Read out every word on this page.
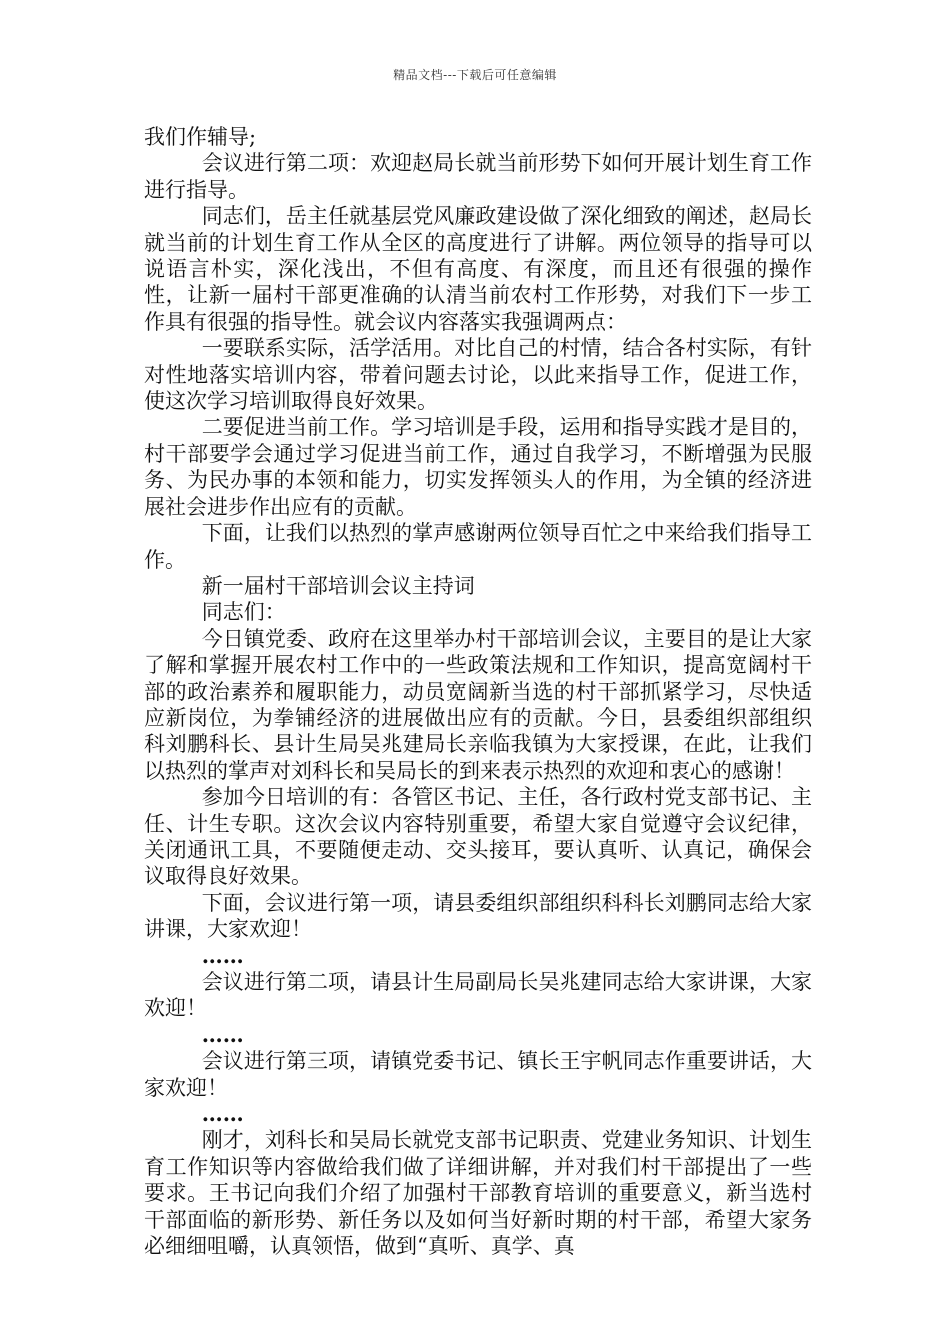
精品文档---下载后可任意编辑

我们作辅导;

会议进行第二项：欢迎赵局长就当前形势下如何开展计划生育工作进行指导。

同志们，岳主任就基层党风廉政建设做了深化细致的阐述，赵局长就当前的计划生育工作从全区的高度进行了讲解。两位领导的指导可以说语言朴实，深化浅出，不但有高度、有深度，而且还有很强的操作性，让新一届村干部更准确的认清当前农村工作形势，对我们下一步工作具有很强的指导性。就会议内容落实我强调两点：

一要联系实际，活学活用。对比自己的村情，结合各村实际，有针对性地落实培训内容，带着问题去讨论，以此来指导工作，促进工作，使这次学习培训取得良好效果。

二要促进当前工作。学习培训是手段，运用和指导实践才是目的，村干部要学会通过学习促进当前工作，通过自我学习，不断增强为民服务、为民办事的本领和能力，切实发挥领头人的作用，为全镇的经济进展社会进步作出应有的贡献。

下面，让我们以热烈的掌声感谢两位领导百忙之中来给我们指导工作。

新一届村干部培训会议主持词

同志们：

今日镇党委、政府在这里举办村干部培训会议，主要目的是让大家了解和掌握开展农村工作中的一些政策法规和工作知识，提高宽阔村干部的政治素养和履职能力，动员宽阔新当选的村干部抓紧学习，尽快适应新岗位，为拳铺经济的进展做出应有的贡献。今日，县委组织部组织科刘鹏科长、县计生局吴兆建局长亲临我镇为大家授课，在此，让我们以热烈的掌声对刘科长和吴局长的到来表示热烈的欢迎和衷心的感谢！

参加今日培训的有：各管区书记、主任，各行政村党支部书记、主任、计生专职。这次会议内容特别重要，希望大家自觉遵守会议纪律，关闭通讯工具，不要随便走动、交头接耳，要认真听、认真记，确保会议取得良好效果。

下面，会议进行第一项，请县委组织部组织科科长刘鹏同志给大家讲课，大家欢迎！

……

会议进行第二项，请县计生局副局长吴兆建同志给大家讲课，大家欢迎！

……

会议进行第三项，请镇党委书记、镇长王宇帆同志作重要讲话，大家欢迎！

……

刚才，刘科长和吴局长就党支部书记职责、党建业务知识、计划生育工作知识等内容做给我们做了详细讲解，并对我们村干部提出了一些要求。王书记向我们介绍了加强村干部教育培训的重要意义，新当选村干部面临的新形势、新任务以及如何当好新时期的村干部，希望大家务必细细咀嚼，认真领悟，做到“真听、真学、真
